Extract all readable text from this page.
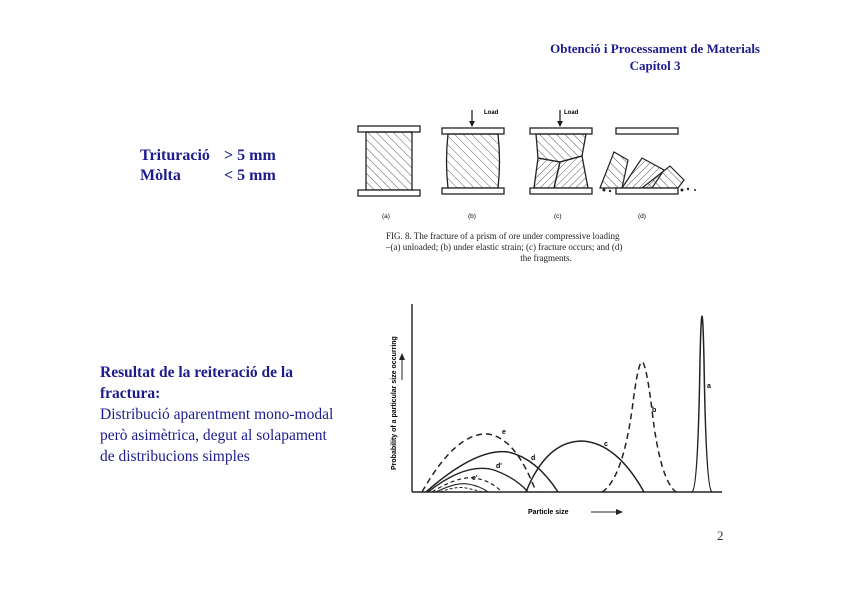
Obtenció i Processament de Materials
Capítol 3
Trituració > 5 mm
Mòlta	< 5 mm
Load	Load
(a)	(b)	(c)	(d)
FIG. 8. The fracture of a prism of ore under compressive loading
–(a) unloaded; (b) under elastic strain; (c) fracture occurs; and (d)
the fragments.
Probability of a particular size occurring
Particle size
a
b
c
d
d'
e
e'
Resultat de la reiteració de la fractura:
Distribució aparentment mono-modal però asimètrica, degut al solapament de distribucions simples
2
